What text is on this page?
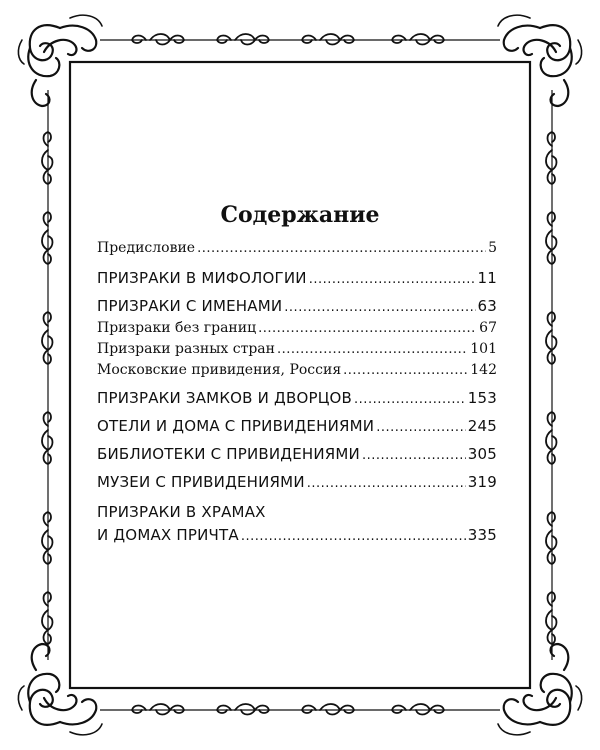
Содержание
Предисловие .....	5
ПРИЗРАКИ В МИФОЛОГИИ .....	11
ПРИЗРАКИ С ИМЕНАМИ .....	63
Призраки без границ .....	67
Призраки разных стран .....	101
Московские привидения, Россия .....	142
ПРИЗРАКИ ЗАМКОВ И ДВОРЦОВ .....	153
ОТЕЛИ И ДОМА С ПРИВИДЕНИЯМИ .....	245
БИБЛИОТЕКИ С ПРИВИДЕНИЯМИ .....	305
МУЗЕИ С ПРИВИДЕНИЯМИ .....	319
ПРИЗРАКИ В ХРАМАХ
И ДОМАХ ПРИЧТА .....	335
